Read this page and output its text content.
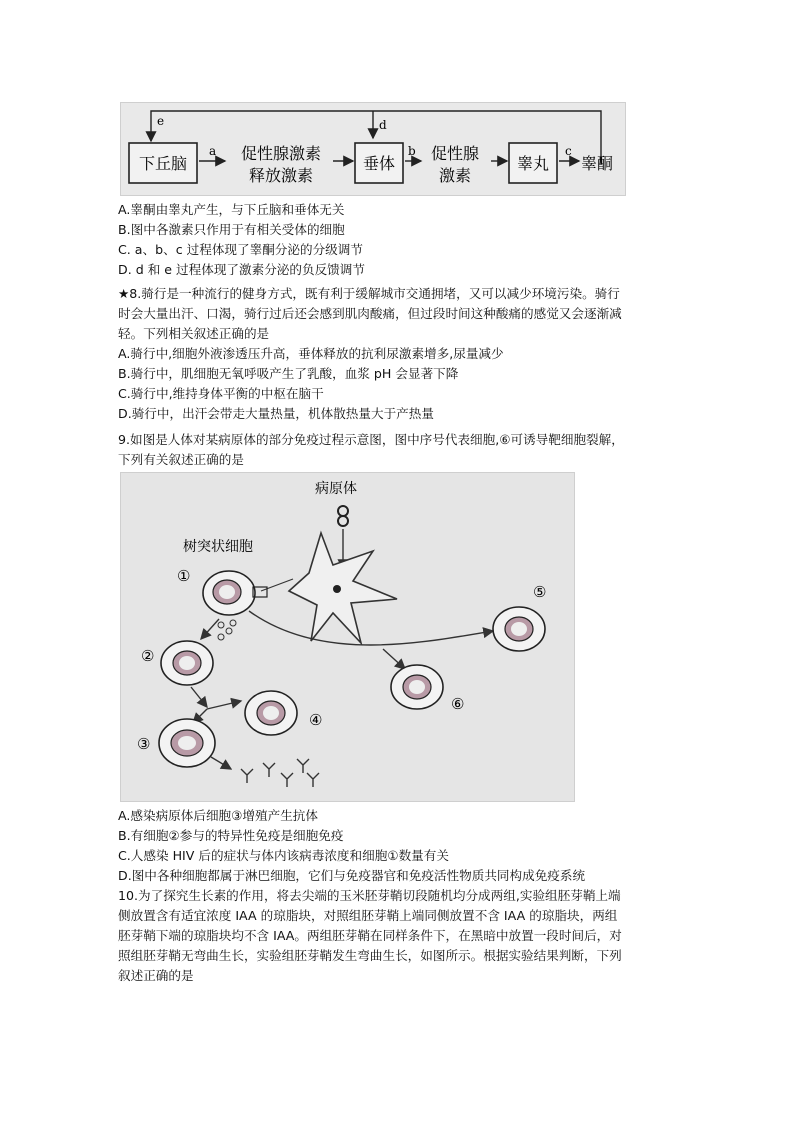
e	d
下丘脑
a 促性腺激素
释放激素
垂体
b 促性腺
激素
睾丸
c
睾酮
A.睾酮由睾丸产生，与下丘脑和垂体无关
B.图中各激素只作用于有相关受体的细胞
C. a、b、c 过程体现了睾酮分泌的分级调节
D. d 和 e 过程体现了激素分泌的负反馈调节
★8.骑行是一种流行的健身方式，既有利于缓解城市交通拥堵，又可以减少环境污染。骑行
时会大量出汗、口渴，骑行过后还会感到肌肉酸痛，但过段时间这种酸痛的感觉又会逐渐减
轻。下列相关叙述正确的是
A.骑行中,细胞外液渗透压升高，垂体释放的抗利尿激素增多,尿量减少
B.骑行中，肌细胞无氧呼吸产生了乳酸，血浆 pH 会显著下降
C.骑行中,维持身体平衡的中枢在脑干
D.骑行中，出汗会带走大量热量，机体散热量大于产热量
9.如图是人体对某病原体的部分免疫过程示意图，图中序号代表细胞,⑥可诱导靶细胞裂解，
下列有关叙述正确的是
病原体
树突状细胞
①
②
④
③
⑤
⑥
A.感染病原体后细胞③增殖产生抗体
B.有细胞②参与的特异性免疫是细胞免疫
C.人感染 HIV 后的症状与体内该病毒浓度和细胞①数量有关
D.图中各种细胞都属于淋巴细胞，它们与免疫器官和免疫活性物质共同构成免疫系统
10.为了探究生长素的作用，将去尖端的玉米胚芽鞘切段随机均分成两组,实验组胚芽鞘上端
侧放置含有适宜浓度 IAA 的琼脂块，对照组胚芽鞘上端同侧放置不含 IAA 的琼脂块，两组
胚芽鞘下端的琼脂块均不含 IAA。两组胚芽鞘在同样条件下，在黑暗中放置一段时间后，对
照组胚芽鞘无弯曲生长，实验组胚芽鞘发生弯曲生长，如图所示。根据实验结果判断，下列
叙述正确的是
